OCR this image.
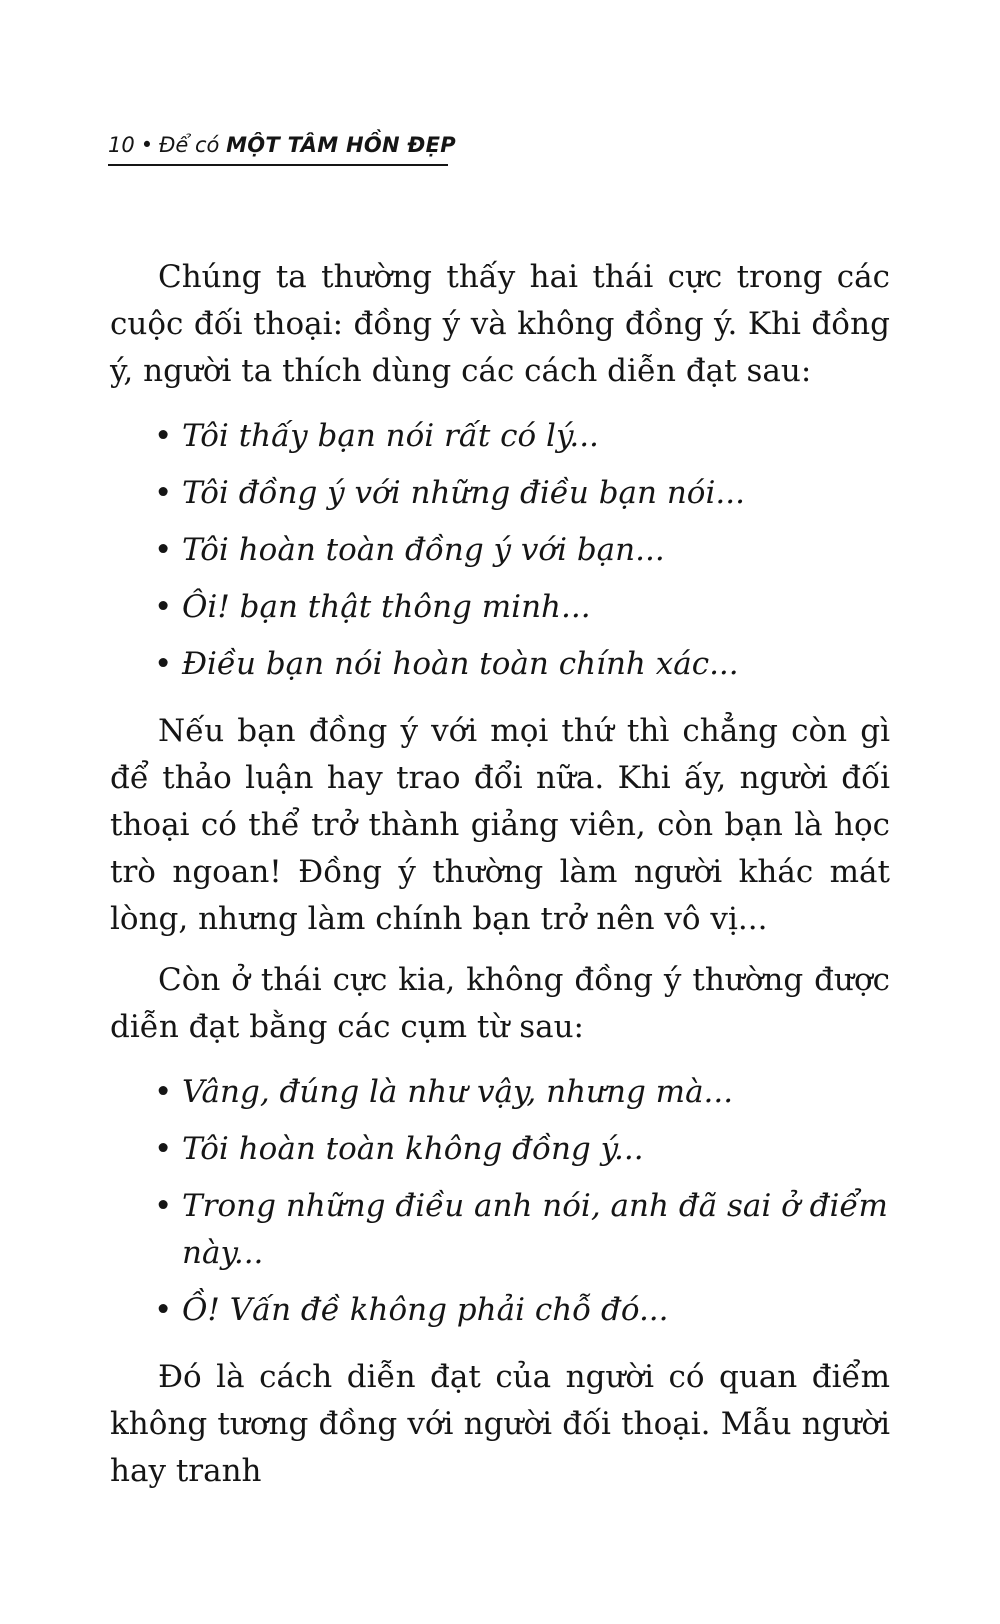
10 • Để có MỘT TÂM HỒN ĐẸP

Chúng ta thường thấy hai thái cực trong các cuộc đối thoại: đồng ý và không đồng ý. Khi đồng ý, người ta thích dùng các cách diễn đạt sau:

• Tôi thấy bạn nói rất có lý...
• Tôi đồng ý với những điều bạn nói...
• Tôi hoàn toàn đồng ý với bạn...
• Ôi! bạn thật thông minh...
• Điều bạn nói hoàn toàn chính xác...

Nếu bạn đồng ý với mọi thứ thì chẳng còn gì để thảo luận hay trao đổi nữa. Khi ấy, người đối thoại có thể trở thành giảng viên, còn bạn là học trò ngoan! Đồng ý thường làm người khác mát lòng, nhưng làm chính bạn trở nên vô vị...

Còn ở thái cực kia, không đồng ý thường được diễn đạt bằng các cụm từ sau:

• Vâng, đúng là như vậy, nhưng mà...
• Tôi hoàn toàn không đồng ý...
• Trong những điều anh nói, anh đã sai ở điểm này...
• Ồ! Vấn đề không phải chỗ đó...

Đó là cách diễn đạt của người có quan điểm không tương đồng với người đối thoại. Mẫu người hay tranh
